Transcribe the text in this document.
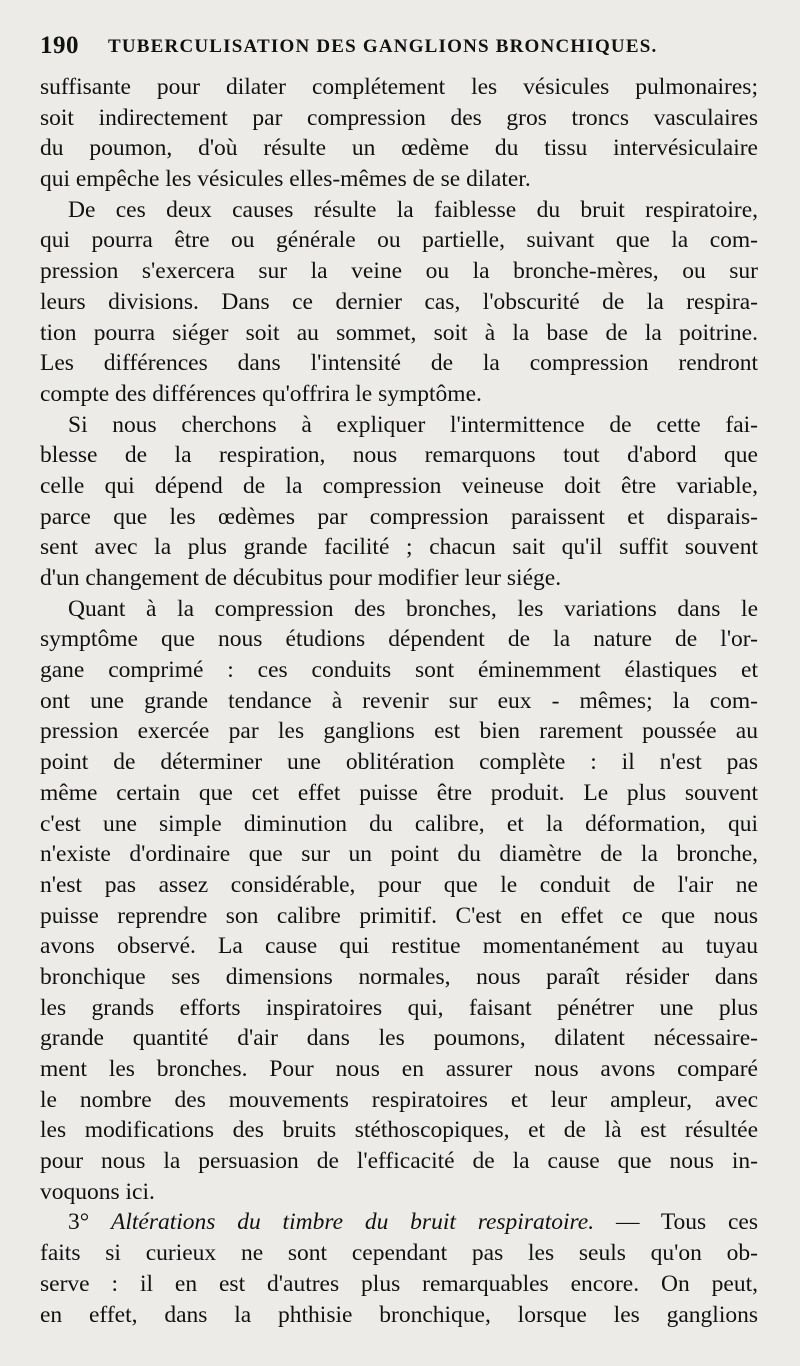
190 TUBERCULISATION DES GANGLIONS BRONCHIQUES.
suffisante pour dilater complétement les vésicules pulmonaires;
soit indirectement par compression des gros troncs vasculaires
du poumon, d'où résulte un œdème du tissu intervésiculaire
qui empêche les vésicules elles-mêmes de se dilater.
De ces deux causes résulte la faiblesse du bruit respiratoire,
qui pourra être ou générale ou partielle, suivant que la com-
pression s'exercera sur la veine ou la bronche-mères, ou sur
leurs divisions. Dans ce dernier cas, l'obscurité de la respira-
tion pourra siéger soit au sommet, soit à la base de la poitrine.
Les différences dans l'intensité de la compression rendront
compte des différences qu'offrira le symptôme.
Si nous cherchons à expliquer l'intermittence de cette fai-
blesse de la respiration, nous remarquons tout d'abord que
celle qui dépend de la compression veineuse doit être variable,
parce que les œdèmes par compression paraissent et disparais-
sent avec la plus grande facilité ; chacun sait qu'il suffit souvent
d'un changement de décubitus pour modifier leur siége.
Quant à la compression des bronches, les variations dans le
symptôme que nous étudions dépendent de la nature de l'or-
gane comprimé : ces conduits sont éminemment élastiques et
ont une grande tendance à revenir sur eux - mêmes; la com-
pression exercée par les ganglions est bien rarement poussée au
point de déterminer une oblitération complète : il n'est pas
même certain que cet effet puisse être produit. Le plus souvent
c'est une simple diminution du calibre, et la déformation, qui
n'existe d'ordinaire que sur un point du diamètre de la bronche,
n'est pas assez considérable, pour que le conduit de l'air ne
puisse reprendre son calibre primitif. C'est en effet ce que nous
avons observé. La cause qui restitue momentanément au tuyau
bronchique ses dimensions normales, nous paraît résider dans
les grands efforts inspiratoires qui, faisant pénétrer une plus
grande quantité d'air dans les poumons, dilatent nécessaire-
ment les bronches. Pour nous en assurer nous avons comparé
le nombre des mouvements respiratoires et leur ampleur, avec
les modifications des bruits stéthoscopiques, et de là est résultée
pour nous la persuasion de l'efficacité de la cause que nous in-
voquons ici.
3° Altérations du timbre du bruit respiratoire. — Tous ces
faits si curieux ne sont cependant pas les seuls qu'on ob-
serve : il en est d'autres plus remarquables encore. On peut,
en effet, dans la phthisie bronchique, lorsque les ganglions
